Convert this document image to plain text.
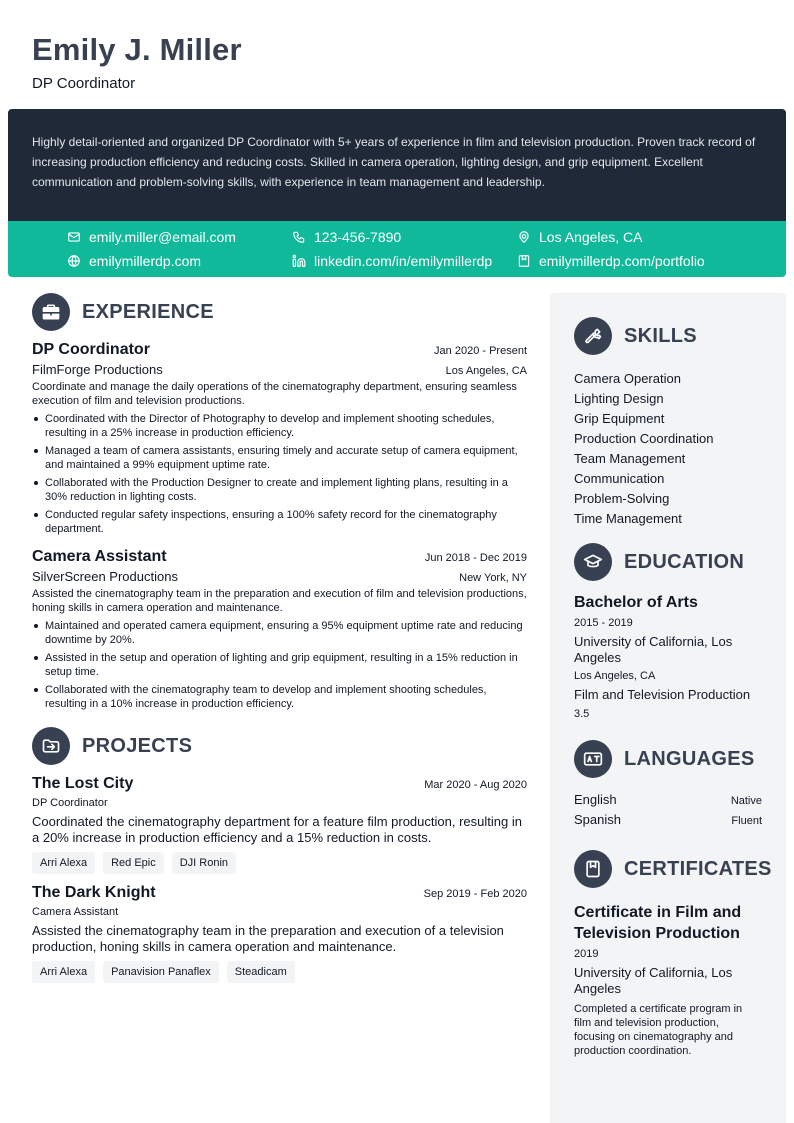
Emily J. Miller
DP Coordinator

Highly detail-oriented and organized DP Coordinator with 5+ years of experience in film and television production. Proven track record of increasing production efficiency and reducing costs. Skilled in camera operation, lighting design, and grip equipment. Excellent communication and problem-solving skills, with experience in team management and leadership.

emily.miller@email.com	123-456-7890	Los Angeles, CA
emilymillerdp.com	linkedin.com/in/emilymillerdp	emilymillerdp.com/portfolio
EXPERIENCE
DP Coordinator	Jan 2020 - Present
FilmForge Productions	Los Angeles, CA
Coordinate and manage the daily operations of the cinematography department, ensuring seamless execution of film and television productions.
Coordinated with the Director of Photography to develop and implement shooting schedules, resulting in a 25% increase in production efficiency.
Managed a team of camera assistants, ensuring timely and accurate setup of camera equipment, and maintained a 99% equipment uptime rate.
Collaborated with the Production Designer to create and implement lighting plans, resulting in a 30% reduction in lighting costs.
Conducted regular safety inspections, ensuring a 100% safety record for the cinematography department.
Camera Assistant	Jun 2018 - Dec 2019
SilverScreen Productions	New York, NY
Assisted the cinematography team in the preparation and execution of film and television productions, honing skills in camera operation and maintenance.
Maintained and operated camera equipment, ensuring a 95% equipment uptime rate and reducing downtime by 20%.
Assisted in the setup and operation of lighting and grip equipment, resulting in a 15% reduction in setup time.
Collaborated with the cinematography team to develop and implement shooting schedules, resulting in a 10% increase in production efficiency.
PROJECTS
The Lost City	Mar 2020 - Aug 2020
DP Coordinator
Coordinated the cinematography department for a feature film production, resulting in a 20% increase in production efficiency and a 15% reduction in costs.
Arri Alexa	Red Epic	DJI Ronin
The Dark Knight	Sep 2019 - Feb 2020
Camera Assistant
Assisted the cinematography team in the preparation and execution of a television production, honing skills in camera operation and maintenance.
Arri Alexa	Panavision Panaflex	Steadicam
SKILLS
Camera Operation
Lighting Design
Grip Equipment
Production Coordination
Team Management
Communication
Problem-Solving
Time Management
EDUCATION
Bachelor of Arts
2015 - 2019
University of California, Los Angeles
Los Angeles, CA
Film and Television Production
3.5
LANGUAGES
English	Native
Spanish	Fluent
CERTIFICATES
Certificate in Film and Television Production
2019
University of California, Los Angeles
Completed a certificate program in film and television production, focusing on cinematography and production coordination.
